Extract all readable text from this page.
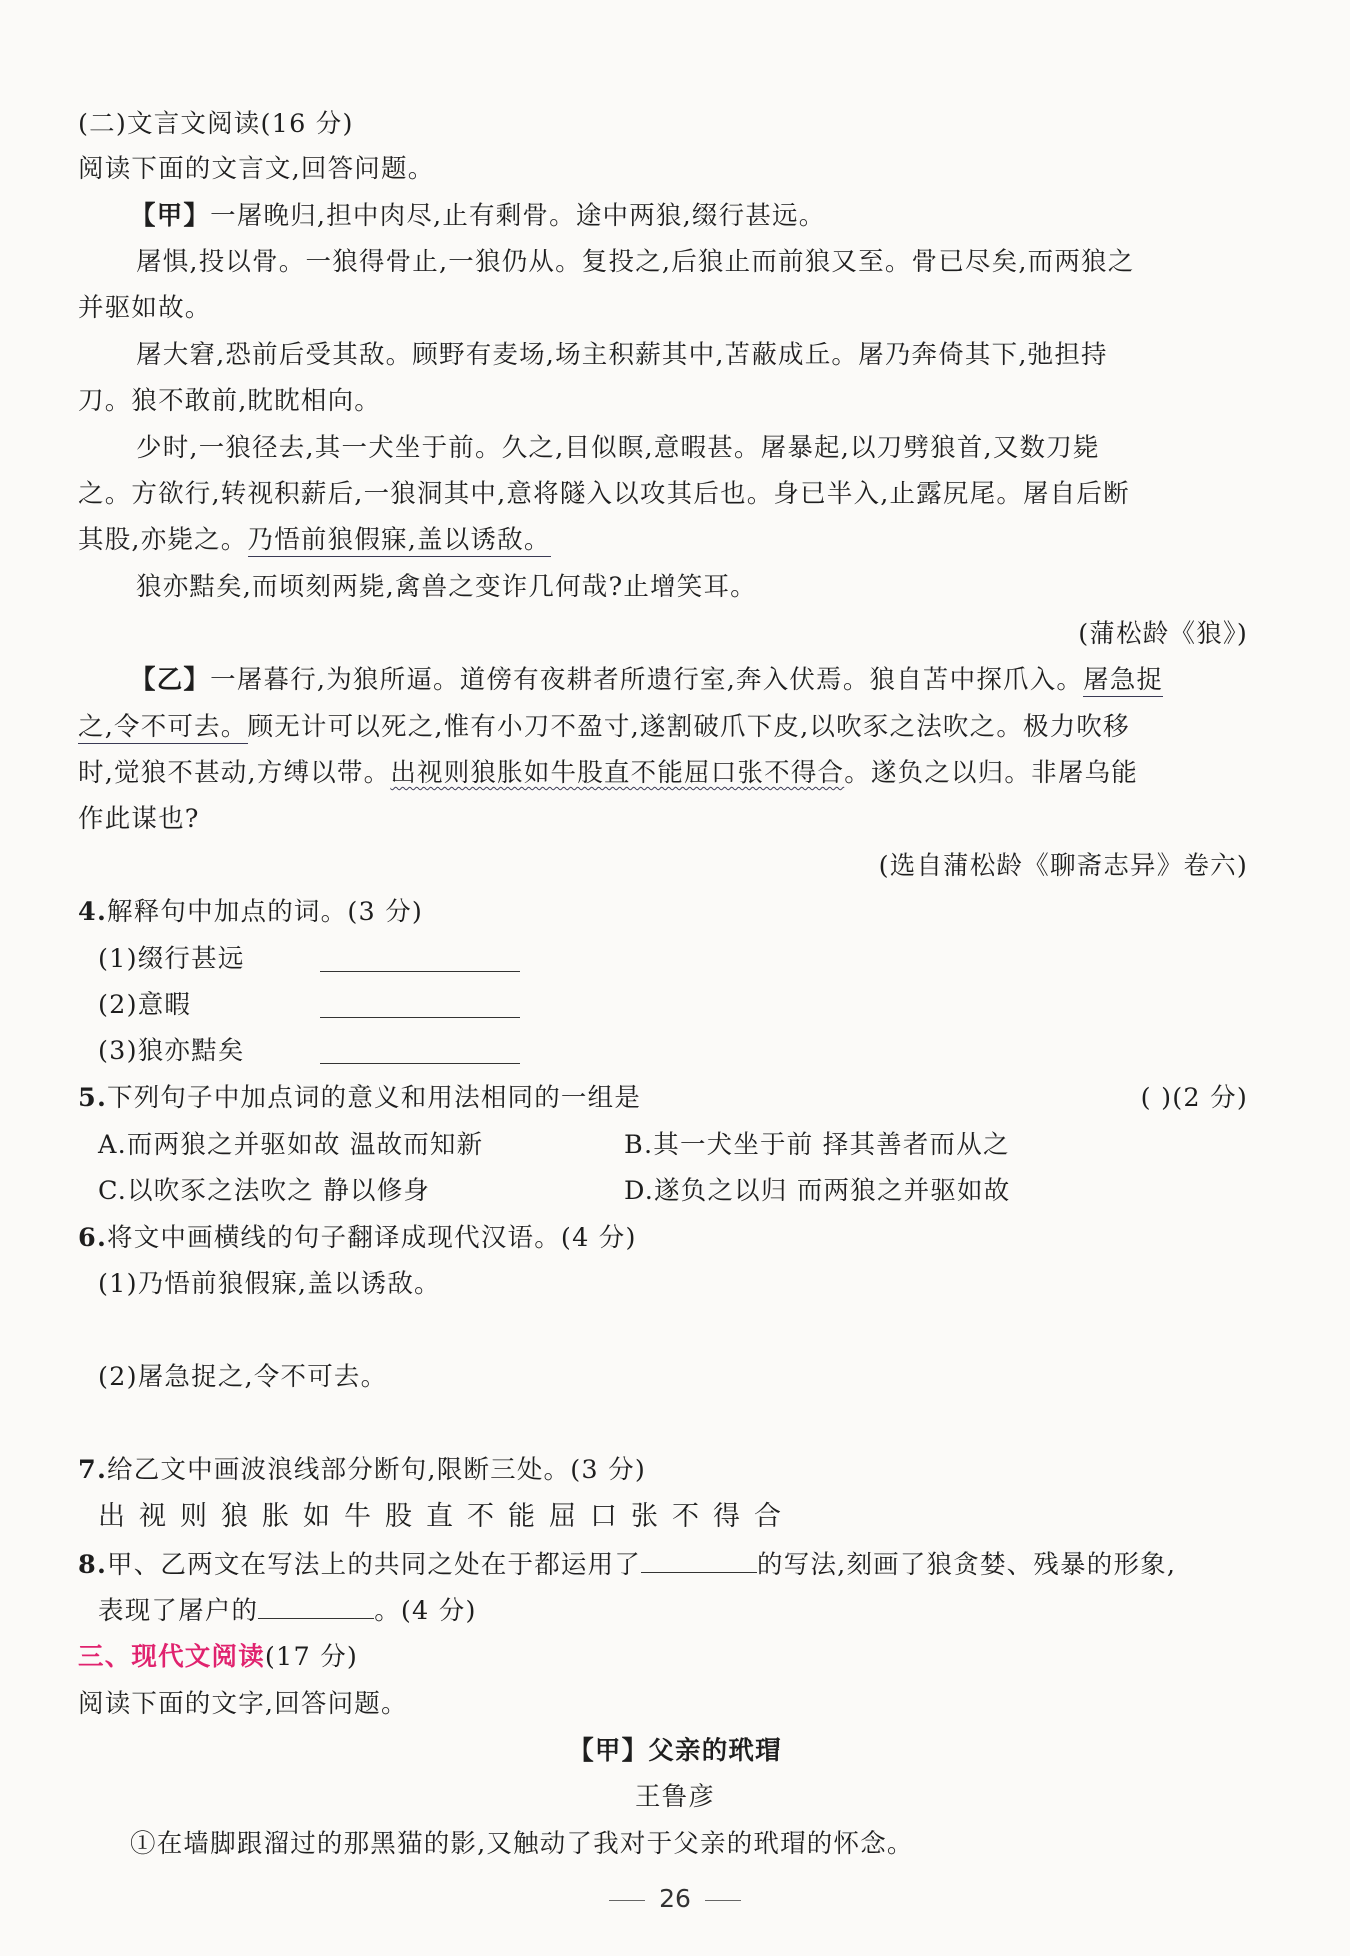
(二)文言文阅读(16 分)
阅读下面的文言文,回答问题。
【甲】一屠晚归,担中肉尽,止有剩骨。途中两狼,缀行甚远。
屠惧,投以骨。一狼得骨止,一狼仍从。复投之,后狼止而前狼又至。骨已尽矣,而两狼之
并驱如故。
屠大窘,恐前后受其敌。顾野有麦场,场主积薪其中,苫蔽成丘。屠乃奔倚其下,弛担持
刀。狼不敢前,眈眈相向。
少时,一狼径去,其一犬坐于前。久之,目似瞑,意暇甚。屠暴起,以刀劈狼首,又数刀毙
之。方欲行,转视积薪后,一狼洞其中,意将隧入以攻其后也。身已半入,止露尻尾。屠自后断
其股,亦毙之。乃悟前狼假寐,盖以诱敌。
狼亦黠矣,而顷刻两毙,禽兽之变诈几何哉?止增笑耳。
(蒲松龄《狼》)
【乙】一屠暮行,为狼所逼。道傍有夜耕者所遗行室,奔入伏焉。狼自苫中探爪入。屠急捉
之,令不可去。顾无计可以死之,惟有小刀不盈寸,遂割破爪下皮,以吹豕之法吹之。极力吹移
时,觉狼不甚动,方缚以带。出视则狼胀如牛股直不能屈口张不得合。遂负之以归。非屠乌能
作此谋也?
(选自蒲松龄《聊斋志异》卷六)
4.解释句中加点的词。(3 分)
(1)缀行甚远
(2)意暇
(3)狼亦黠矣
5.下列句子中加点词的意义和用法相同的一组是	( )(2 分)
A.而两狼之并驱如故 温故而知新	B.其一犬坐于前 择其善者而从之
C.以吹豕之法吹之 静以修身	D.遂负之以归 而两狼之并驱如故
6.将文中画横线的句子翻译成现代汉语。(4 分)
(1)乃悟前狼假寐,盖以诱敌。
(2)屠急捉之,令不可去。
7.给乙文中画波浪线部分断句,限断三处。(3 分)
出视则狼胀如牛股直不能屈口张不得合
8.甲、乙两文在写法上的共同之处在于都运用了	的写法,刻画了狼贪婪、残暴的形象,
表现了屠户的	。(4 分)
三、现代文阅读(17 分)
阅读下面的文字,回答问题。
【甲】父亲的玳瑁
王鲁彦
①在墙脚跟溜过的那黑猫的影,又触动了我对于父亲的玳瑁的怀念。
26
